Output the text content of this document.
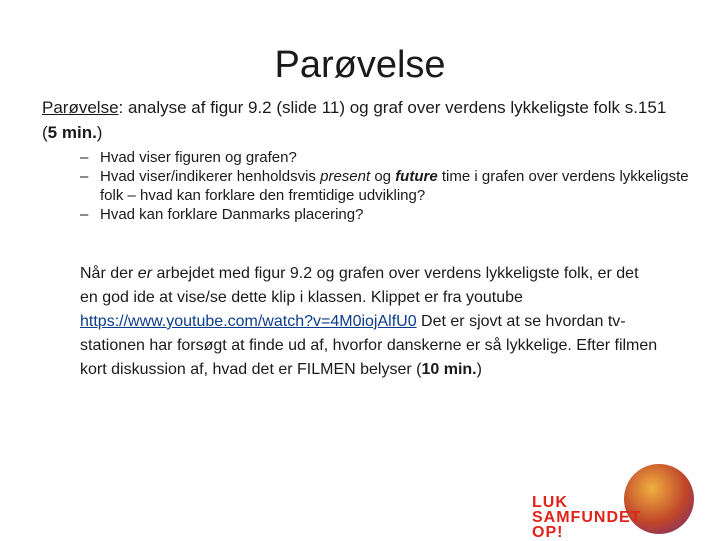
Parøvelse
Parøvelse: analyse af figur 9.2 (slide 11) og graf over verdens lykkeligste folk s.151 (5 min.)
– Hvad viser figuren og grafen?
– Hvad viser/indikerer henholdsvis present og future time i grafen over verdens lykkeligste folk – hvad kan forklare den fremtidige udvikling?
– Hvad kan forklare Danmarks placering?
Når der er arbejdet med figur 9.2 og grafen over verdens lykkeligste folk, er det en god ide at vise/se dette klip i klassen. Klippet er fra youtube https://www.youtube.com/watch?v=4M0iojAlfU0 Det er sjovt at se hvordan tv-stationen har forsøgt at finde ud af, hvorfor danskerne er så lykkelige. Efter filmen kort diskussion af, hvad det er FILMEN belyser (10 min.)
LUK
SAMFUNDET
OP!
